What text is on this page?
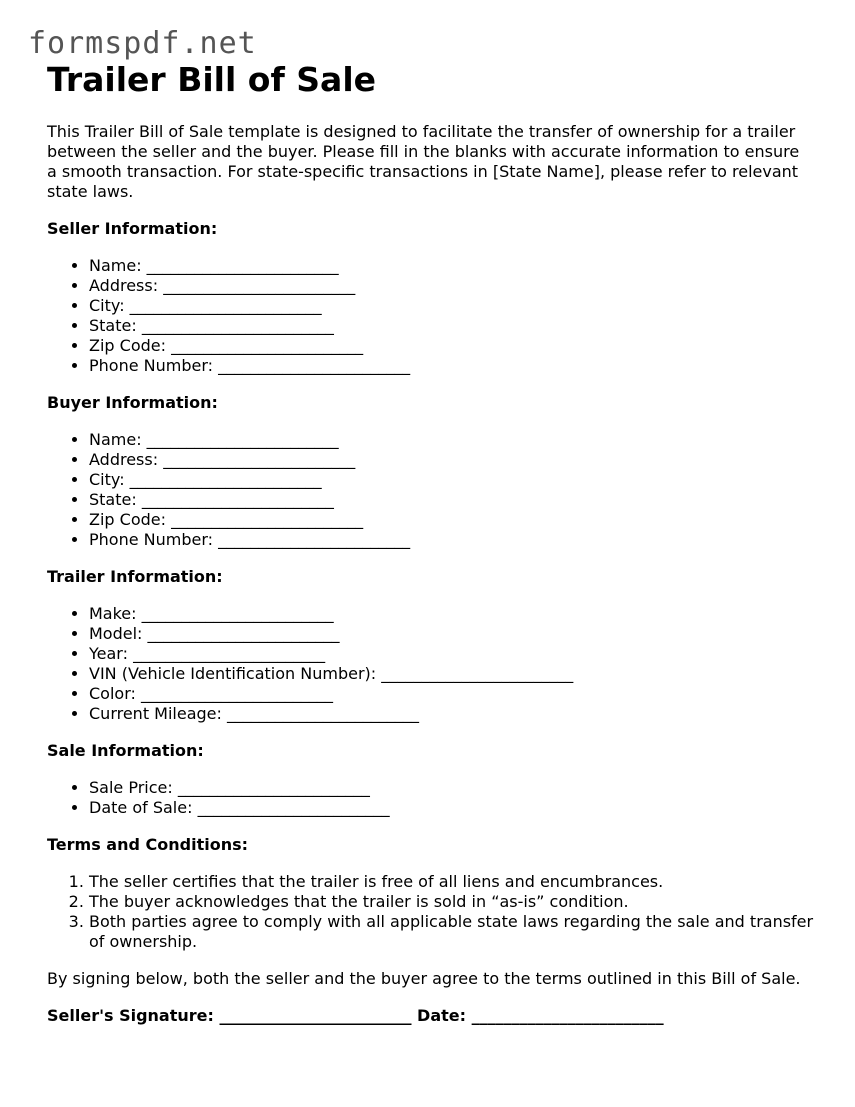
formspdf.net
Trailer Bill of Sale

This Trailer Bill of Sale template is designed to facilitate the transfer of ownership for a trailer between the seller and the buyer. Please fill in the blanks with accurate information to ensure a smooth transaction. For state-specific transactions in [State Name], please refer to relevant state laws.

Seller Information:
• Name: ________________________
• Address: ________________________
• City: ________________________
• State: ________________________
• Zip Code: ________________________
• Phone Number: ________________________
Buyer Information:
• Name: ________________________
• Address: ________________________
• City: ________________________
• State: ________________________
• Zip Code: ________________________
• Phone Number: ________________________
Trailer Information:
• Make: ________________________
• Model: ________________________
• Year: ________________________
• VIN (Vehicle Identification Number): ________________________
• Color: ________________________
• Current Mileage: ________________________
Sale Information:
• Sale Price: ________________________
• Date of Sale: ________________________
Terms and Conditions:
1. The seller certifies that the trailer is free of all liens and encumbrances.
2. The buyer acknowledges that the trailer is sold in “as-is” condition.
3. Both parties agree to comply with all applicable state laws regarding the sale and transfer of ownership.

By signing below, both the seller and the buyer agree to the terms outlined in this Bill of Sale.

Seller's Signature: ________________________ Date: ________________________
